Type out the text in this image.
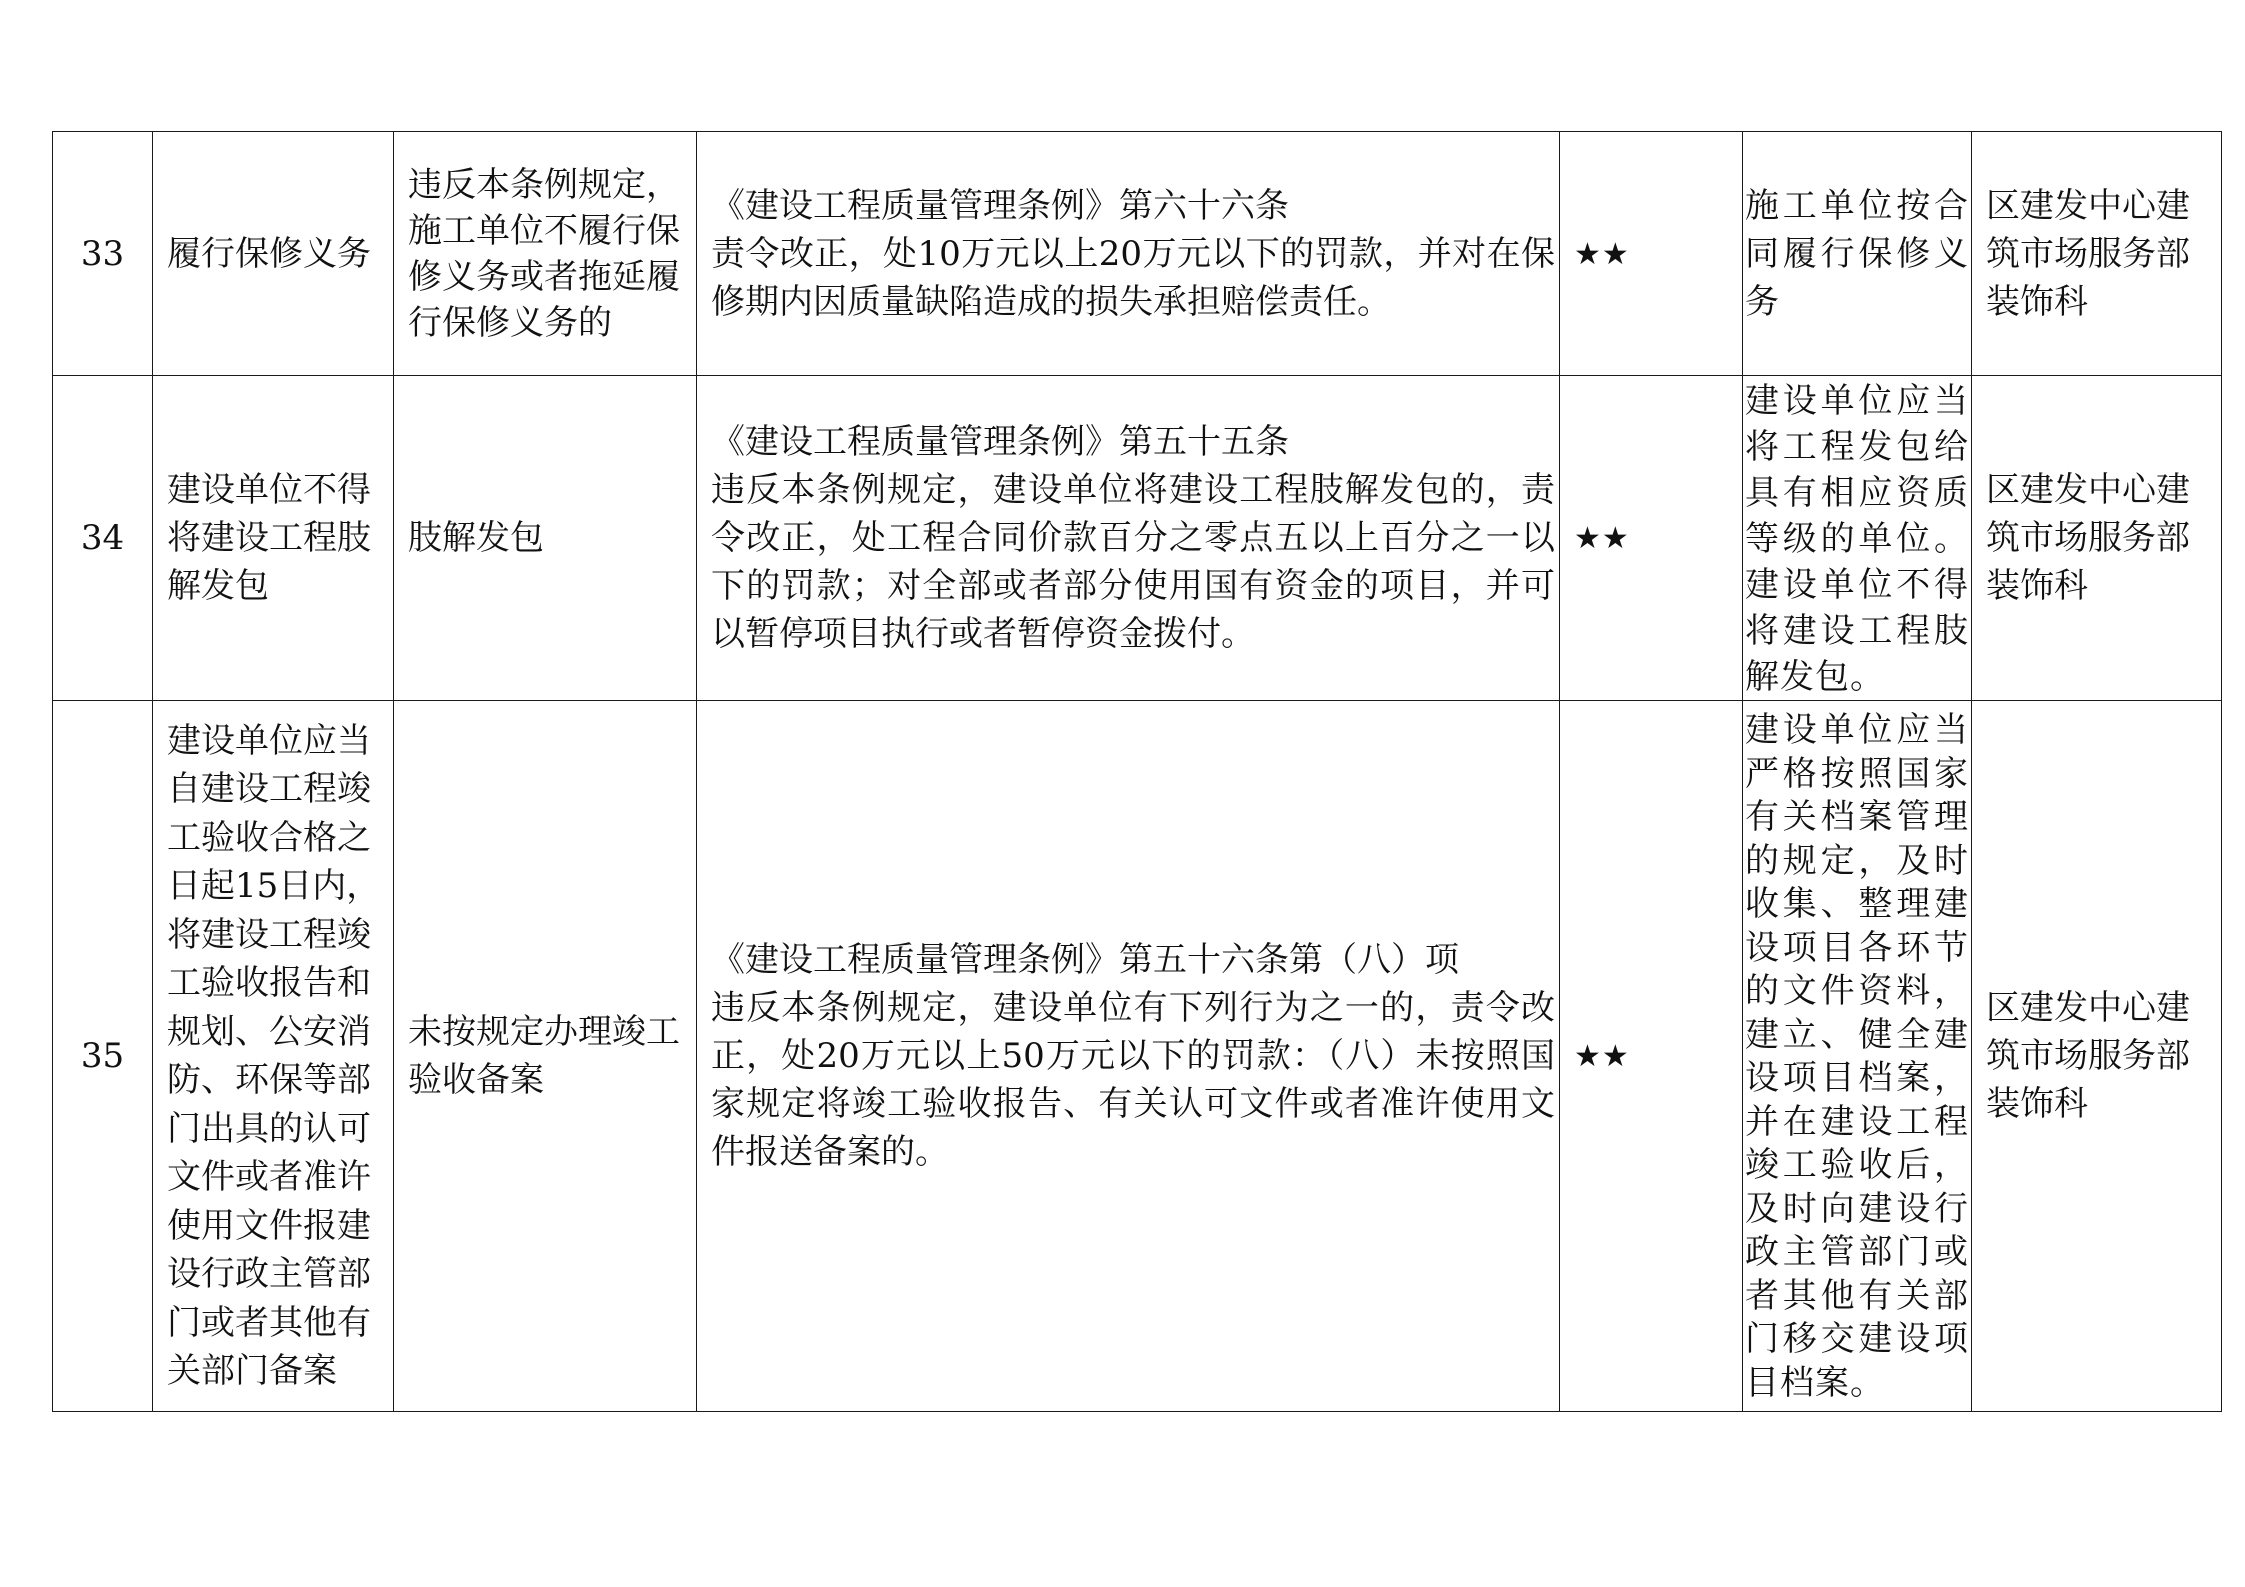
33	履行保修义务	违反本条例规定，施工单位不履行保修义务或者拖延履行保修义务的	《建设工程质量管理条例》第六十六条
责令改正，处10万元以上20万元以下的罚款，并对在保修期内因质量缺陷造成的损失承担赔偿责任。	★★	施工单位按合同履行保修义务	区建发中心建筑市场服务部装饰科
34	建设单位不得将建设工程肢解发包	肢解发包	《建设工程质量管理条例》第五十五条
违反本条例规定，建设单位将建设工程肢解发包的，责令改正，处工程合同价款百分之零点五以上百分之一以下的罚款；对全部或者部分使用国有资金的项目，并可以暂停项目执行或者暂停资金拨付。	★★	建设单位应当将工程发包给具有相应资质等级的单位。建设单位不得将建设工程肢解发包。	区建发中心建筑市场服务部装饰科
35	建设单位应当自建设工程竣工验收合格之日起15日内，将建设工程竣工验收报告和规划、公安消防、环保等部门出具的认可文件或者准许使用文件报建设行政主管部门或者其他有关部门备案	未按规定办理竣工验收备案	《建设工程质量管理条例》第五十六条第（八）项
违反本条例规定，建设单位有下列行为之一的，责令改正，处20万元以上50万元以下的罚款：（八）未按照国家规定将竣工验收报告、有关认可文件或者准许使用文件报送备案的。	★★	建设单位应当严格按照国家有关档案管理的规定，及时收集、整理建设项目各环节的文件资料，建立、健全建设项目档案，并在建设工程竣工验收后，及时向建设行政主管部门或者其他有关部门移交建设项目档案。	区建发中心建筑市场服务部装饰科
